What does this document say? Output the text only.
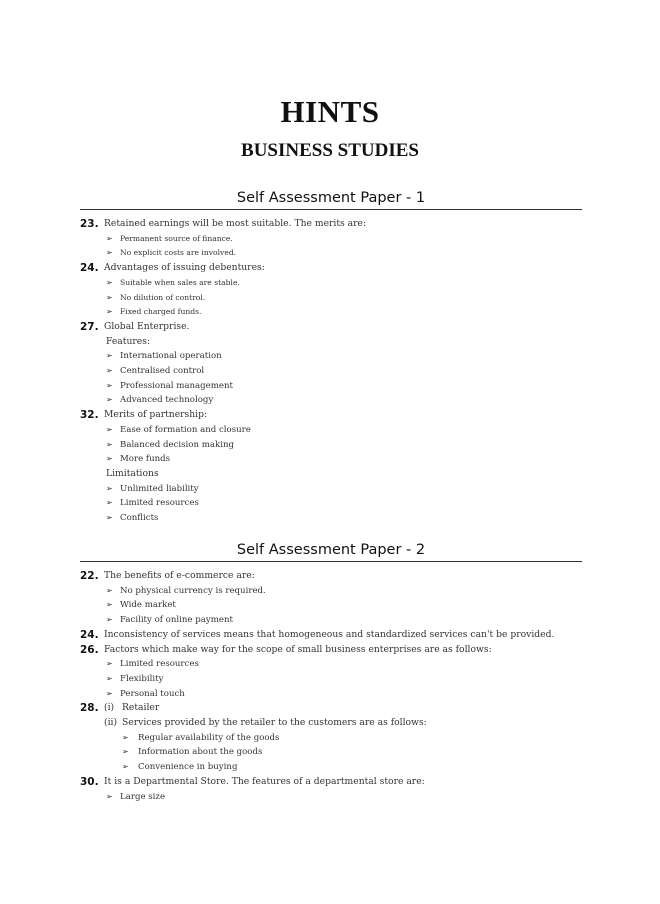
HINTS
BUSINESS STUDIES
Self Assessment Paper - 1
23. Retained earnings will be most suitable. The merits are:
➢ Permanent source of finance.
➢ No explicit costs are involved.
24. Advantages of issuing debentures:
➢ Suitable when sales are stable.
➢ No dilution of control.
➢ Fixed charged funds.
27. Global Enterprise.
Features:
➢ International operation
➢ Centralised control
➢ Professional management
➢ Advanced technology
32. Merits of partnership:
➢ Ease of formation and closure
➢ Balanced decision making
➢ More funds
Limitations
➢ Unlimited liability
➢ Limited resources
➢ Conflicts
Self Assessment Paper - 2
22. The benefits of e-commerce are:
➢ No physical currency is required.
➢ Wide market
➢ Facility of online payment
24. Inconsistency of services means that homogeneous and standardized services can't be provided.
26. Factors which make way for the scope of small business enterprises are as follows:
➢ Limited resources
➢ Flexibility
➢ Personal touch
28. (i) Retailer
(ii) Services provided by the retailer to the customers are as follows:
➢ Regular availability of the goods
➢ Information about the goods
➢ Convenience in buying
30. It is a Departmental Store. The features of a departmental store are:
➢ Large size
